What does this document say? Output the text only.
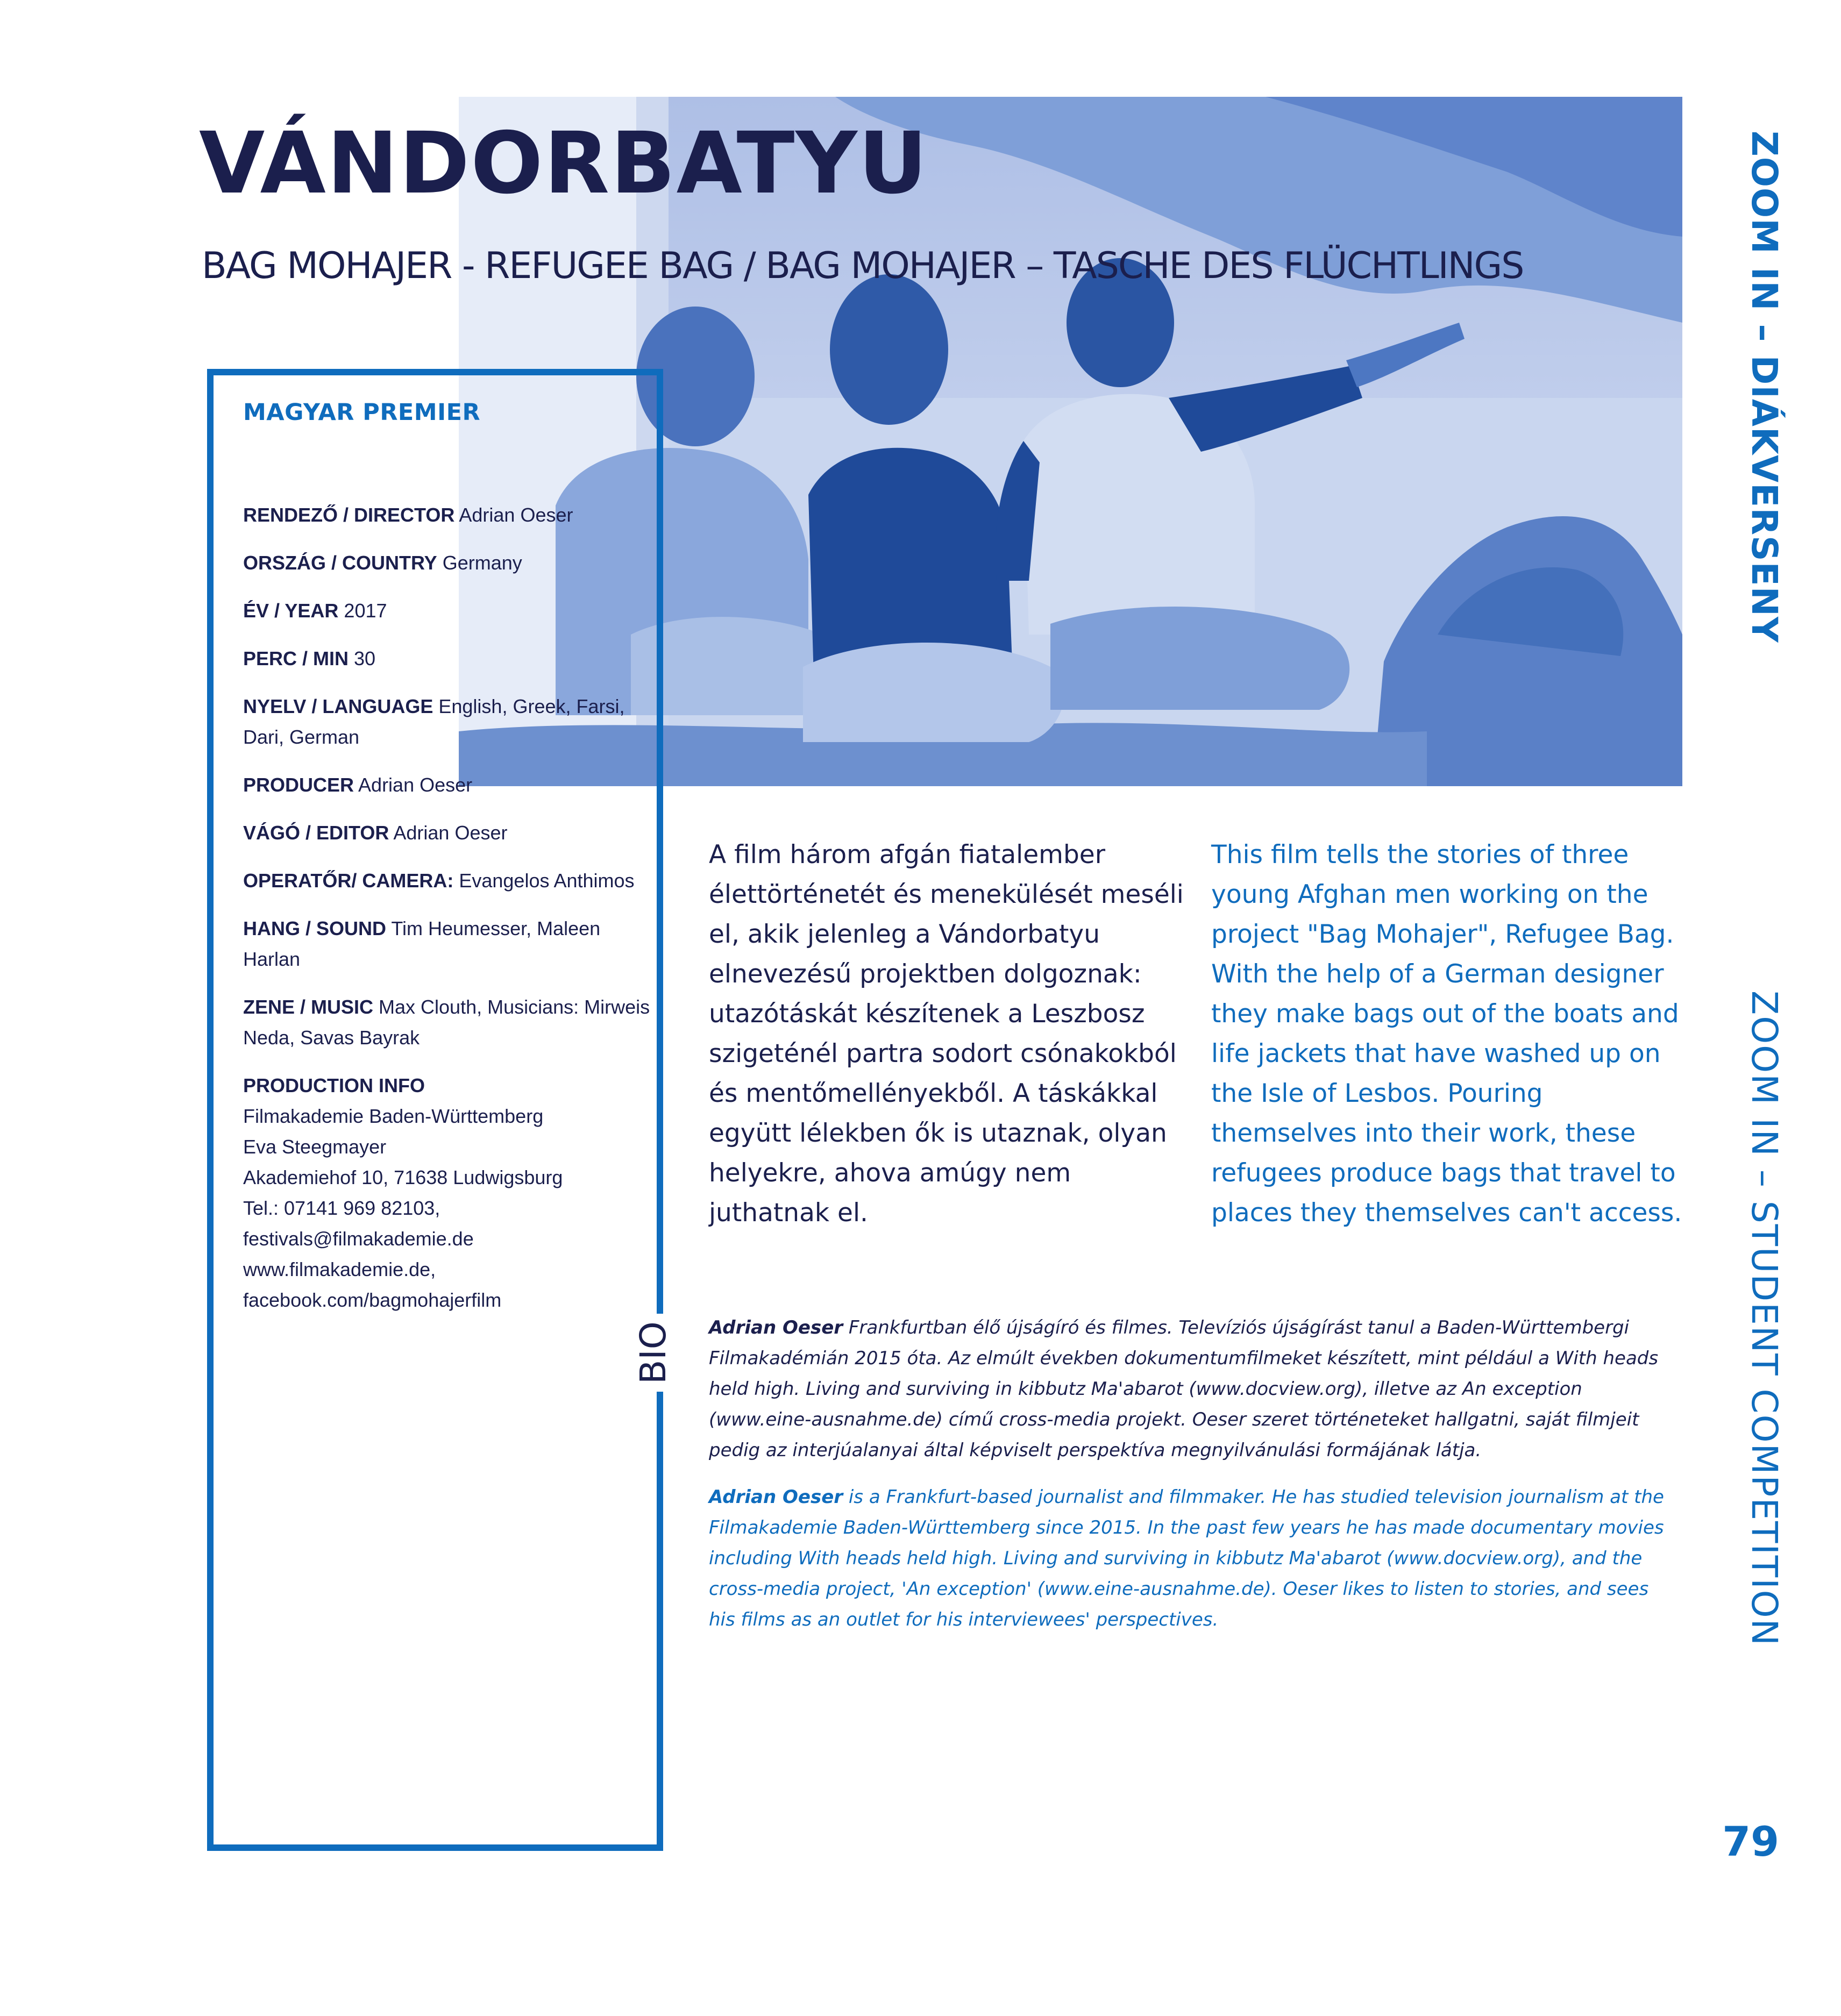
VÁNDORBATYU
BAG MOHAJER - REFUGEE BAG / BAG MOHAJER – TASCHE DES FLÜCHTLINGS

MAGYAR PREMIER

RENDEZŐ / DIRECTOR Adrian Oeser

ORSZÁG / COUNTRY Germany

ÉV / YEAR 2017

PERC / MIN 30

NYELV / LANGUAGE English, Greek, Farsi, Dari, German

PRODUCER Adrian Oeser

VÁGÓ / EDITOR Adrian Oeser

OPERATŐR/ CAMERA: Evangelos Anthimos

HANG / SOUND Tim Heumesser, Maleen Harlan

ZENE / MUSIC Max Clouth, Musicians: Mirweis Neda, Savas Bayrak

PRODUCTION INFO
Filmakademie Baden-Württemberg
Eva Steegmayer
Akademiehof 10, 71638 Ludwigsburg
Tel.: 07141 969 82103,
festivals@filmakademie.de
www.filmakademie.de,
facebook.com/bagmohajerfilm

BIO

A film három afgán fiatalember élettörténetét és menekülését meséli el, akik jelenleg a Vándorbatyu elnevezésű projektben dolgoznak: utazótáskát készítenek a Leszbosz szigeténél partra sodort csónakokból és mentőmellényekből. A táskákkal együtt lélekben ők is utaznak, olyan helyekre, ahova amúgy nem juthatnak el.

This film tells the stories of three young Afghan men working on the project "Bag Mohajer", Refugee Bag. With the help of a German designer they make bags out of the boats and life jackets that have washed up on the Isle of Lesbos. Pouring themselves into their work, these refugees produce bags that travel to places they themselves can't access.

Adrian Oeser Frankfurtban élő újságíró és filmes. Televíziós újságírást tanul a Baden-Württembergi Filmakadémián 2015 óta. Az elmúlt években dokumentumfilmeket készített, mint például a With heads held high. Living and surviving in kibbutz Ma'abarot (www.docview.org), illetve az An exception (www.eine-ausnahme.de) című cross-media projekt. Oeser szeret történeteket hallgatni, saját filmjeit pedig az interjúalanyai által képviselt perspektíva megnyilvánulási formájának látja.

Adrian Oeser is a Frankfurt-based journalist and filmmaker. He has studied television journalism at the Filmakademie Baden-Württemberg since 2015. In the past few years he has made documentary movies including With heads held high. Living and surviving in kibbutz Ma'abarot (www.docview.org), and the cross-media project, 'An exception' (www.eine-ausnahme.de). Oeser likes to listen to stories, and sees his films as an outlet for his interviewees' perspectives.

ZOOM IN – DIÁKVERSENY
ZOOM IN – STUDENT COMPETITION
79
